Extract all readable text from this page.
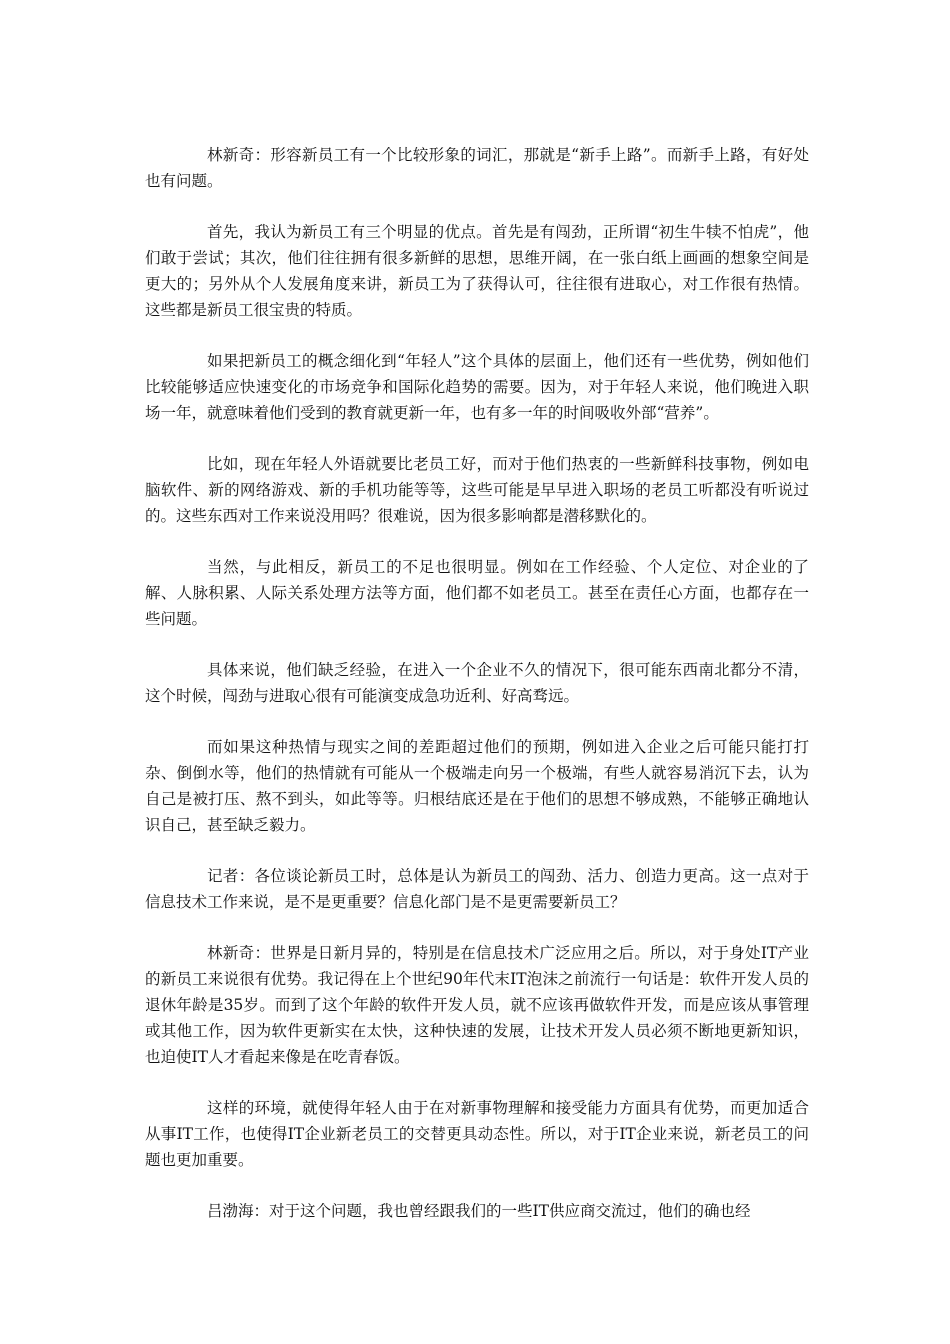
林新奇：形容新员工有一个比较形象的词汇，那就是“新手上路”。而新手上路，有好处也有问题。

首先，我认为新员工有三个明显的优点。首先是有闯劲，正所谓“初生牛犊不怕虎”，他们敢于尝试；其次，他们往往拥有很多新鲜的思想，思维开阔，在一张白纸上画画的想象空间是更大的；另外从个人发展角度来讲，新员工为了获得认可，往往很有进取心，对工作很有热情。这些都是新员工很宝贵的特质。

如果把新员工的概念细化到“年轻人”这个具体的层面上，他们还有一些优势，例如他们比较能够适应快速变化的市场竞争和国际化趋势的需要。因为，对于年轻人来说，他们晚进入职场一年，就意味着他们受到的教育就更新一年，也有多一年的时间吸收外部“营养”。

比如，现在年轻人外语就要比老员工好，而对于他们热衷的一些新鲜科技事物，例如电脑软件、新的网络游戏、新的手机功能等等，这些可能是早早进入职场的老员工听都没有听说过的。这些东西对工作来说没用吗？很难说，因为很多影响都是潜移默化的。

当然，与此相反，新员工的不足也很明显。例如在工作经验、个人定位、对企业的了解、人脉积累、人际关系处理方法等方面，他们都不如老员工。甚至在责任心方面，也都存在一些问题。

具体来说，他们缺乏经验，在进入一个企业不久的情况下，很可能东西南北都分不清，这个时候，闯劲与进取心很有可能演变成急功近利、好高骛远。

而如果这种热情与现实之间的差距超过他们的预期，例如进入企业之后可能只能打打杂、倒倒水等，他们的热情就有可能从一个极端走向另一个极端，有些人就容易消沉下去，认为自己是被打压、熬不到头，如此等等。归根结底还是在于他们的思想不够成熟，不能够正确地认识自己，甚至缺乏毅力。

记者：各位谈论新员工时，总体是认为新员工的闯劲、活力、创造力更高。这一点对于信息技术工作来说，是不是更重要？信息化部门是不是更需要新员工？

林新奇：世界是日新月异的，特别是在信息技术广泛应用之后。所以，对于身处IT产业的新员工来说很有优势。我记得在上个世纪90年代末IT泡沫之前流行一句话是：软件开发人员的退休年龄是35岁。而到了这个年龄的软件开发人员，就不应该再做软件开发，而是应该从事管理或其他工作，因为软件更新实在太快，这种快速的发展，让技术开发人员必须不断地更新知识，也迫使IT人才看起来像是在吃青春饭。

这样的环境，就使得年轻人由于在对新事物理解和接受能力方面具有优势，而更加适合从事IT工作，也使得IT企业新老员工的交替更具动态性。所以，对于IT企业来说，新老员工的问题也更加重要。

吕渤海：对于这个问题，我也曾经跟我们的一些IT供应商交流过，他们的确也经
